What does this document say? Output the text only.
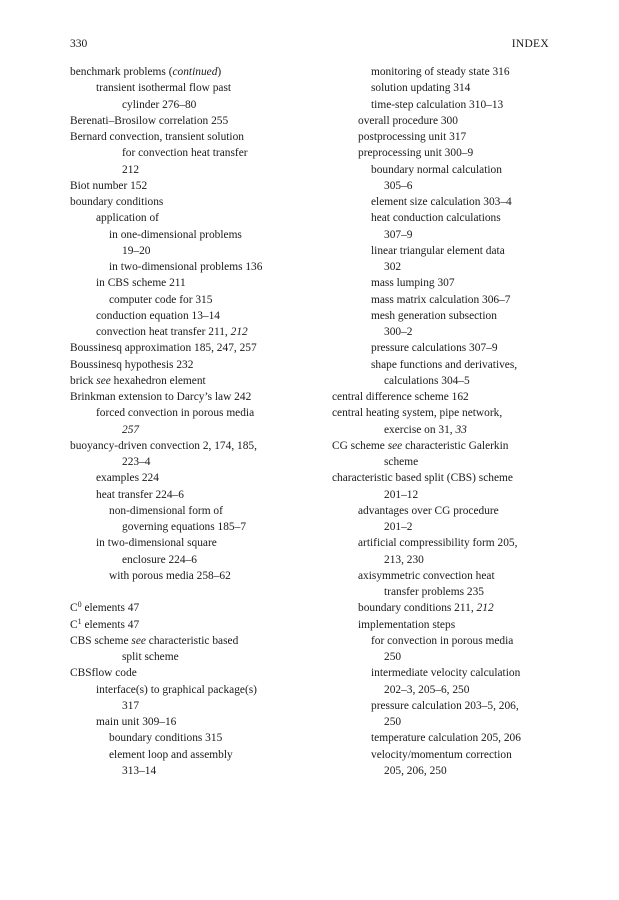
330	INDEX
benchmark problems (continued)
transient isothermal flow past
cylinder 276–80
Berenati–Brosilow correlation 255
Bernard convection, transient solution
for convection heat transfer
212
Biot number 152
boundary conditions
application of
in one-dimensional problems
19–20
in two-dimensional problems 136
in CBS scheme 211
computer code for 315
conduction equation 13–14
convection heat transfer 211, 212
Boussinesq approximation 185, 247, 257
Boussinesq hypothesis 232
brick see hexahedron element
Brinkman extension to Darcy’s law 242
forced convection in porous media
257
buoyancy-driven convection 2, 174, 185,
223–4
examples 224
heat transfer 224–6
non-dimensional form of
governing equations 185–7
in two-dimensional square
enclosure 224–6
with porous media 258–62
$C^0$ elements 47
$C^1$ elements 47
CBS scheme see characteristic based
split scheme
CBSflow code
interface(s) to graphical package(s)
317
main unit 309–16
boundary conditions 315
element loop and assembly
313–14
monitoring of steady state 316
solution updating 314
time-step calculation 310–13
overall procedure 300
postprocessing unit 317
preprocessing unit 300–9
boundary normal calculation
305–6
element size calculation 303–4
heat conduction calculations
307–9
linear triangular element data
302
mass lumping 307
mass matrix calculation 306–7
mesh generation subsection
300–2
pressure calculations 307–9
shape functions and derivatives,
calculations 304–5
central difference scheme 162
central heating system, pipe network,
exercise on 31, 33
CG scheme see characteristic Galerkin
scheme
characteristic based split (CBS) scheme
201–12
advantages over CG procedure
201–2
artificial compressibility form 205,
213, 230
axisymmetric convection heat
transfer problems 235
boundary conditions 211, 212
implementation steps
for convection in porous media
250
intermediate velocity calculation
202–3, 205–6, 250
pressure calculation 203–5, 206,
250
temperature calculation 205, 206
velocity/momentum correction
205, 206, 250
